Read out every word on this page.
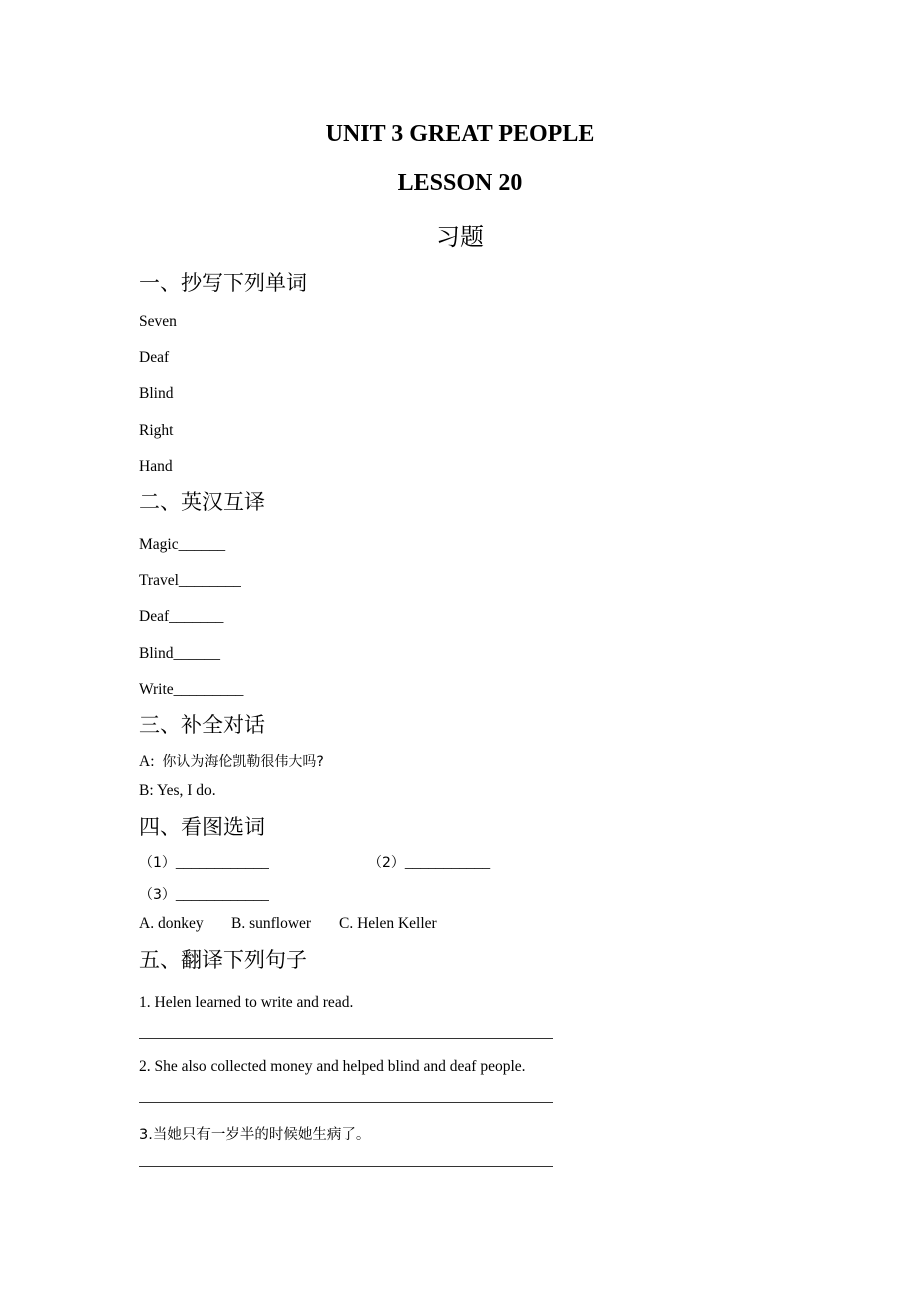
UNIT 3 GREAT PEOPLE
LESSON 20
习题
一、抄写下列单词
Seven
Deaf
Blind
Right
Hand
二、英汉互译
Magic______
Travel________
Deaf_______
Blind______
Write_________
三、补全对话
A: 你认为海伦凯勒很伟大吗?
B: Yes, I do.
四、看图选词
（1）____________	（2）___________
（3）____________
A. donkey B. sunflower C. Helen Keller
五、翻译下列句子
1. Helen learned to write and read.
2. She also collected money and helped blind and deaf people.
3.当她只有一岁半的时候她生病了。
